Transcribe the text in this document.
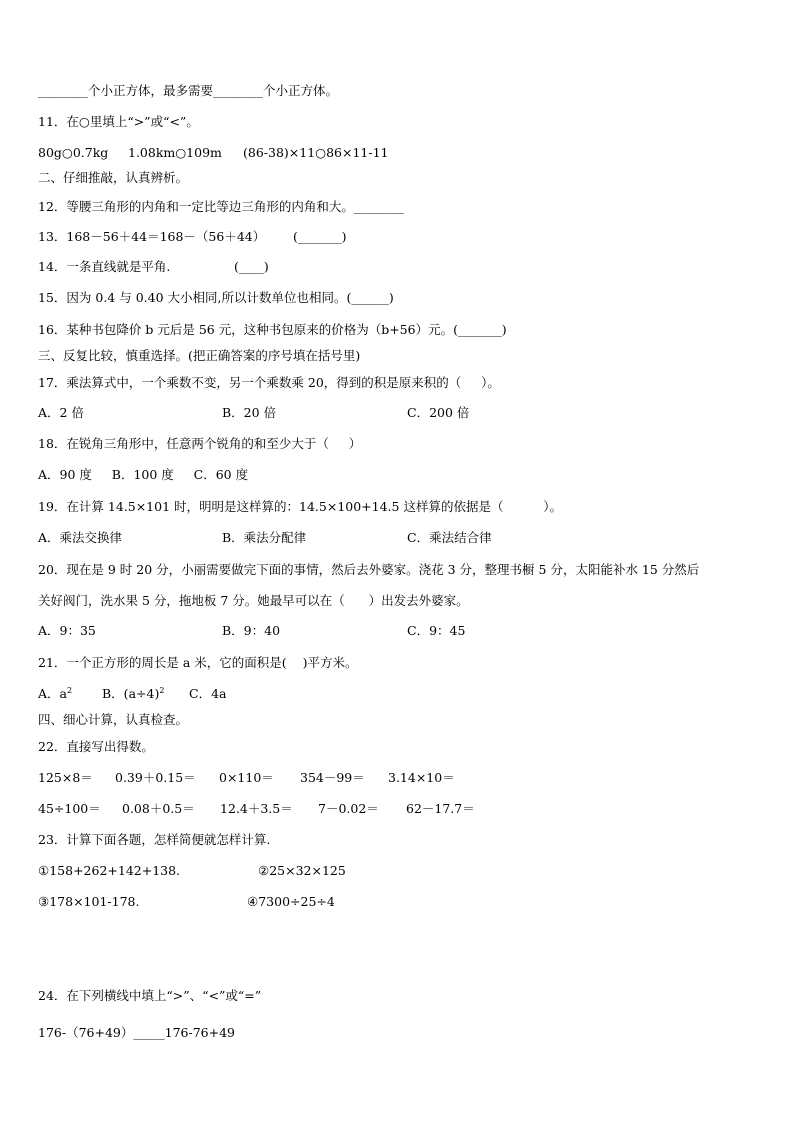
________个小正方体，最多需要________个小正方体。
11．在○里填上“>”或“<”。
80g○0.7kg 1.08km○109m (86-38)×11○86×11-11
二、仔细推敲，认真辨析。
12．等腰三角形的内角和一定比等边三角形的内角和大。________
13．168－56＋44＝168－（56＋44）       (_______)
14．一条直线就是平角.                (____)
15．因为 0.4 与 0.40 大小相同,所以计数单位也相同。(______)
16．某种书包降价 b 元后是 56 元，这种书包原来的价格为（b+56）元。(_______)
三、反复比较，慎重选择。(把正确答案的序号填在括号里)
17．乘法算式中，一个乘数不变，另一个乘数乘 20，得到的积是原来积的（     ）。
A．2 倍	B．20 倍	C．200 倍
18．在锐角三角形中，任意两个锐角的和至少大于（     ）
A．90 度     B．100 度     C．60 度
19．在计算 14.5×101 时，明明是这样算的：14.5×100+14.5 这样算的依据是（          ）。
A．乘法交换律	B．乘法分配律	C．乘法结合律
20．现在是 9 时 20 分，小丽需要做完下面的事情，然后去外婆家。浇花 3 分，整理书橱 5 分，太阳能补水 15 分然后
关好阀门，洗水果 5 分，拖地板 7 分。她最早可以在（      ）出发去外婆家。
A．9：35	B．9：40	C．9：45
21．一个正方形的周长是 a 米，它的面积是(    )平方米。
A．$a^2$ B．$(a\div 4)^2$ C．4a
四、细心计算，认真检查。
22．直接写出得数。
125×8＝ 0.39＋0.15＝ 0×110＝ 354－99＝ 3.14×10＝
45÷100＝ 0.08＋0.5＝ 12.4＋3.5＝ 7－0.02＝ 62－17.7＝
23．计算下面各题，怎样简便就怎样计算.
①158+262+142+138.	②25×32×125
③178×101-178.	④7300÷25÷4
24．在下列横线中填上“>”、“<”或“=”
176-（76+49）_____176-76+49
